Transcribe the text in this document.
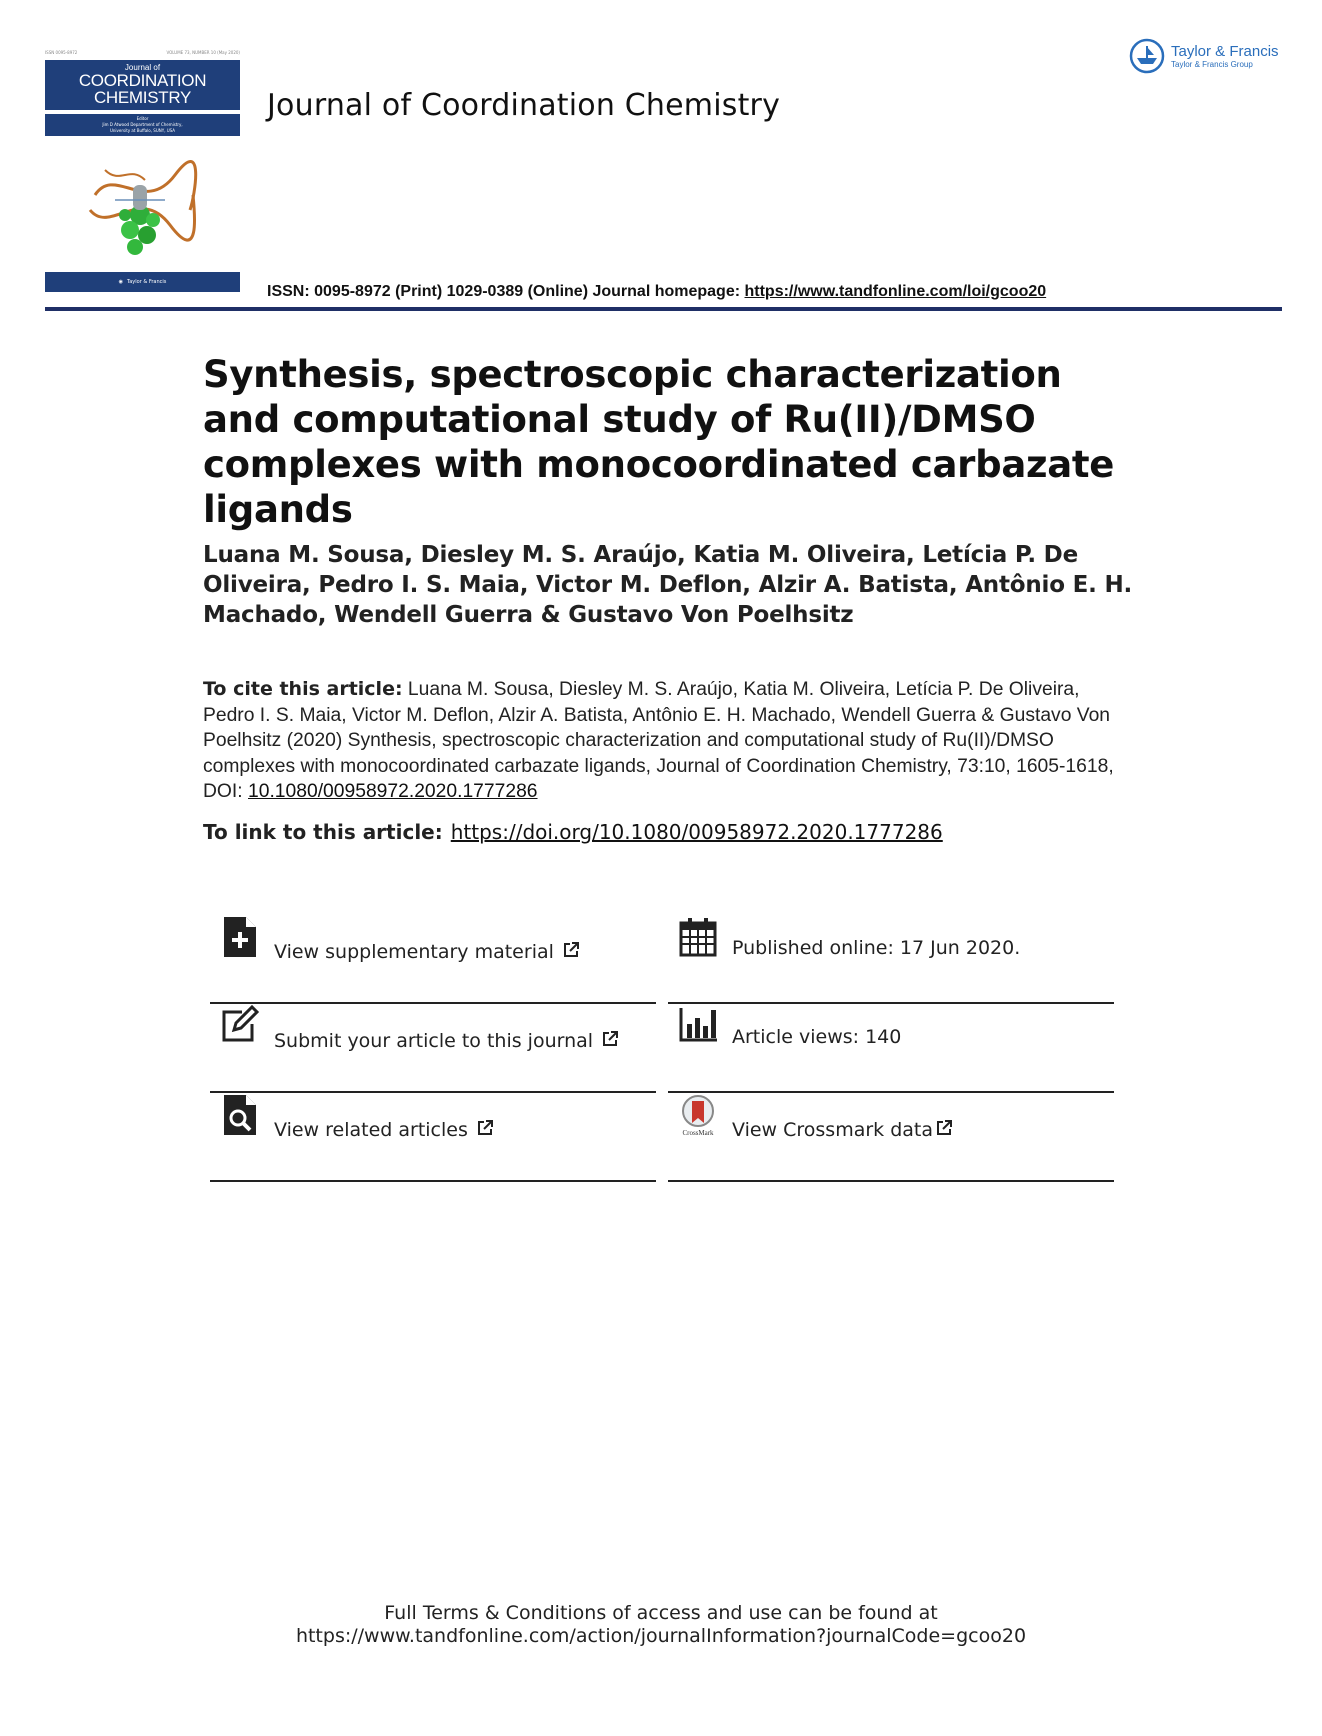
ISSN 0095-8972	VOLUME 73, NUMBER 10 (May 2020)
Journal of
COORDINATION
CHEMISTRY
Editor
Jim D Atwood Department of Chemistry,
University at Buffalo, SUNY, USA
◉ Taylor & Francis
Journal of Coordination Chemistry
Taylor & Francis
Taylor & Francis Group
ISSN: 0095-8972 (Print) 1029-0389 (Online) Journal homepage: https://www.tandfonline.com/loi/gcoo20
Synthesis, spectroscopic characterization and computational study of Ru(II)/DMSO complexes with monocoordinated carbazate ligands
Luana M. Sousa, Diesley M. S. Araújo, Katia M. Oliveira, Letícia P. De Oliveira, Pedro I. S. Maia, Victor M. Deflon, Alzir A. Batista, Antônio E. H. Machado, Wendell Guerra & Gustavo Von Poelhsitz
To cite this article: Luana M. Sousa, Diesley M. S. Araújo, Katia M. Oliveira, Letícia P. De Oliveira, Pedro I. S. Maia, Victor M. Deflon, Alzir A. Batista, Antônio E. H. Machado, Wendell Guerra & Gustavo Von Poelhsitz (2020) Synthesis, spectroscopic characterization and computational study of Ru(II)/DMSO complexes with monocoordinated carbazate ligands, Journal of Coordination Chemistry, 73:10, 1605-1618, DOI: 10.1080/00958972.2020.1777286
To link to this article: https://doi.org/10.1080/00958972.2020.1777286
View supplementary material	Published online: 17 Jun 2020.
Submit your article to this journal	Article views: 140
View related articles	CrossMark View Crossmark data
Full Terms & Conditions of access and use can be found at
https://www.tandfonline.com/action/journalInformation?journalCode=gcoo20
